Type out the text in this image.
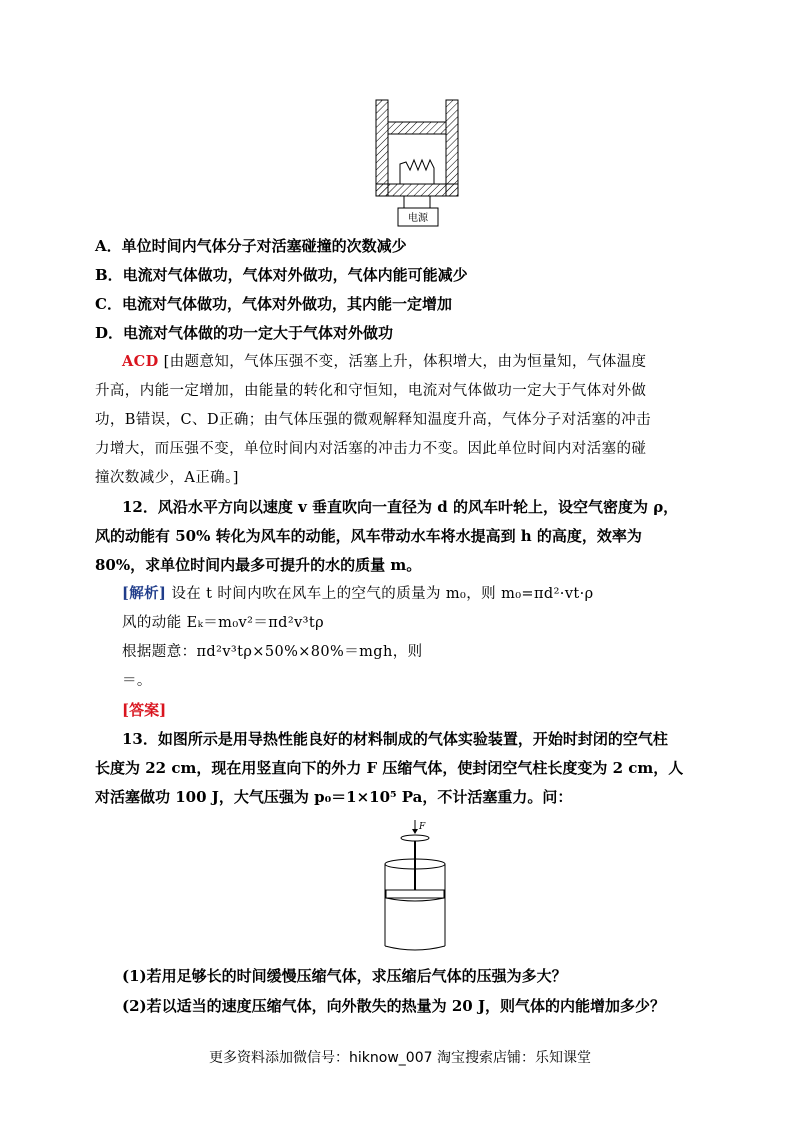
电源
A．单位时间内气体分子对活塞碰撞的次数减少
B．电流对气体做功，气体对外做功，气体内能可能减少
C．电流对气体做功，气体对外做功，其内能一定增加
D．电流对气体做的功一定大于气体对外做功
ACD [由题意知，气体压强不变，活塞上升，体积增大，由为恒量知，气体温度
升高，内能一定增加，由能量的转化和守恒知，电流对气体做功一定大于气体对外做
功，B错误，C、D正确；由气体压强的微观解释知温度升高，气体分子对活塞的冲击
力增大，而压强不变，单位时间内对活塞的冲击力不变。因此单位时间内对活塞的碰
撞次数减少，A正确。]
12．风沿水平方向以速度 v 垂直吹向一直径为 d 的风车叶轮上，设空气密度为 ρ，
风的动能有 50% 转化为风车的动能，风车带动水车将水提高到 h 的高度，效率为
80%，求单位时间内最多可提升的水的质量 m。
[解析] 设在 t 时间内吹在风车上的空气的质量为 m₀，则 m₀=πd²·vt·ρ
风的动能 Eₖ＝m₀v²＝πd²v³tρ
根据题意：πd²v³tρ×50%×80%＝mgh，则
＝。
[答案]
13．如图所示是用导热性能良好的材料制成的气体实验装置，开始时封闭的空气柱
长度为 22 cm，现在用竖直向下的外力 F 压缩气体，使封闭空气柱长度变为 2 cm，人
对活塞做功 100 J，大气压强为 p₀＝1×10⁵ Pa，不计活塞重力。问：
F
(1)若用足够长的时间缓慢压缩气体，求压缩后气体的压强为多大？
(2)若以适当的速度压缩气体，向外散失的热量为 20 J，则气体的内能增加多少？
更多资料添加微信号：hiknow_007 淘宝搜索店铺：乐知课堂
